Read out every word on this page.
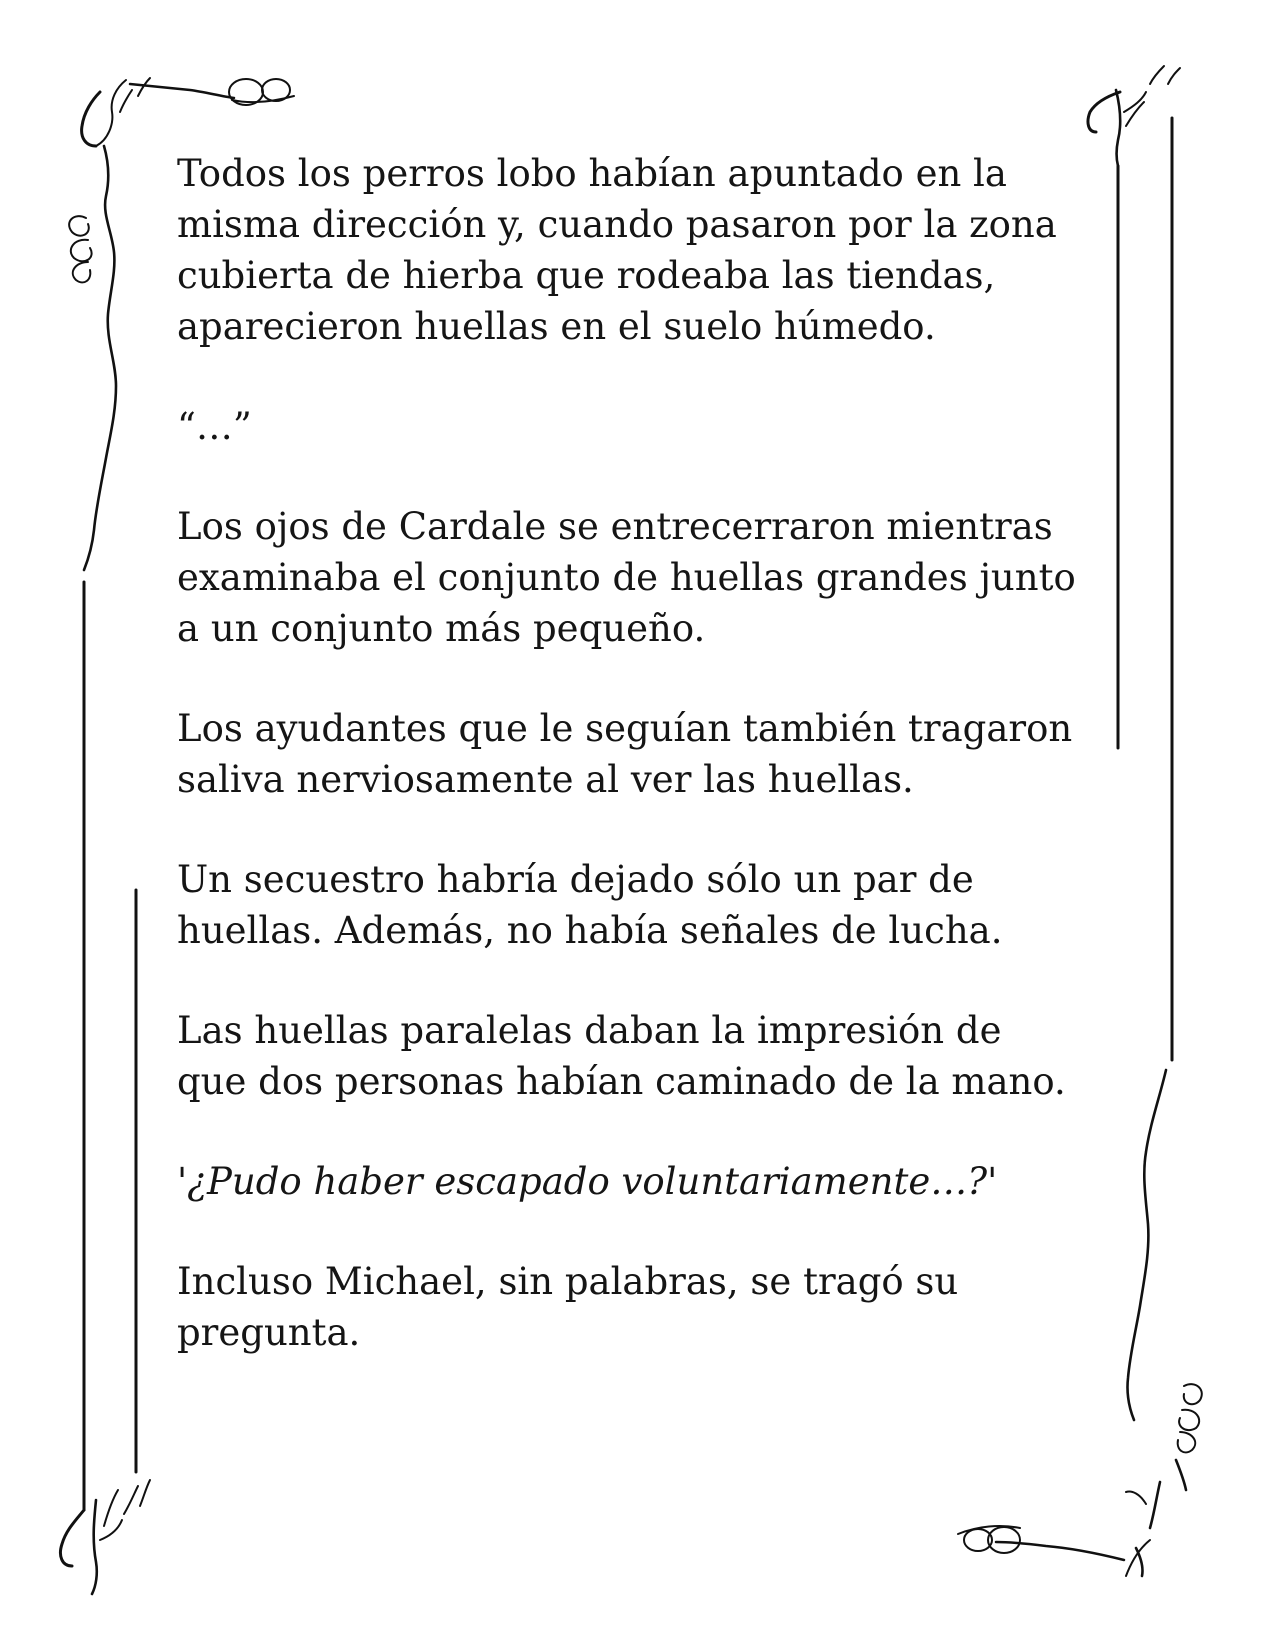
Todos los perros lobo habían apuntado en la
misma dirección y, cuando pasaron por la zona
cubierta de hierba que rodeaba las tiendas,
aparecieron huellas en el suelo húmedo.

“…”

Los ojos de Cardale se entrecerraron mientras
examinaba el conjunto de huellas grandes junto
a un conjunto más pequeño.

Los ayudantes que le seguían también tragaron
saliva nerviosamente al ver las huellas.

Un secuestro habría dejado sólo un par de
huellas. Además, no había señales de lucha.

Las huellas paralelas daban la impresión de
que dos personas habían caminado de la mano.

'¿Pudo haber escapado voluntariamente…?'

Incluso Michael, sin palabras, se tragó su
pregunta.
